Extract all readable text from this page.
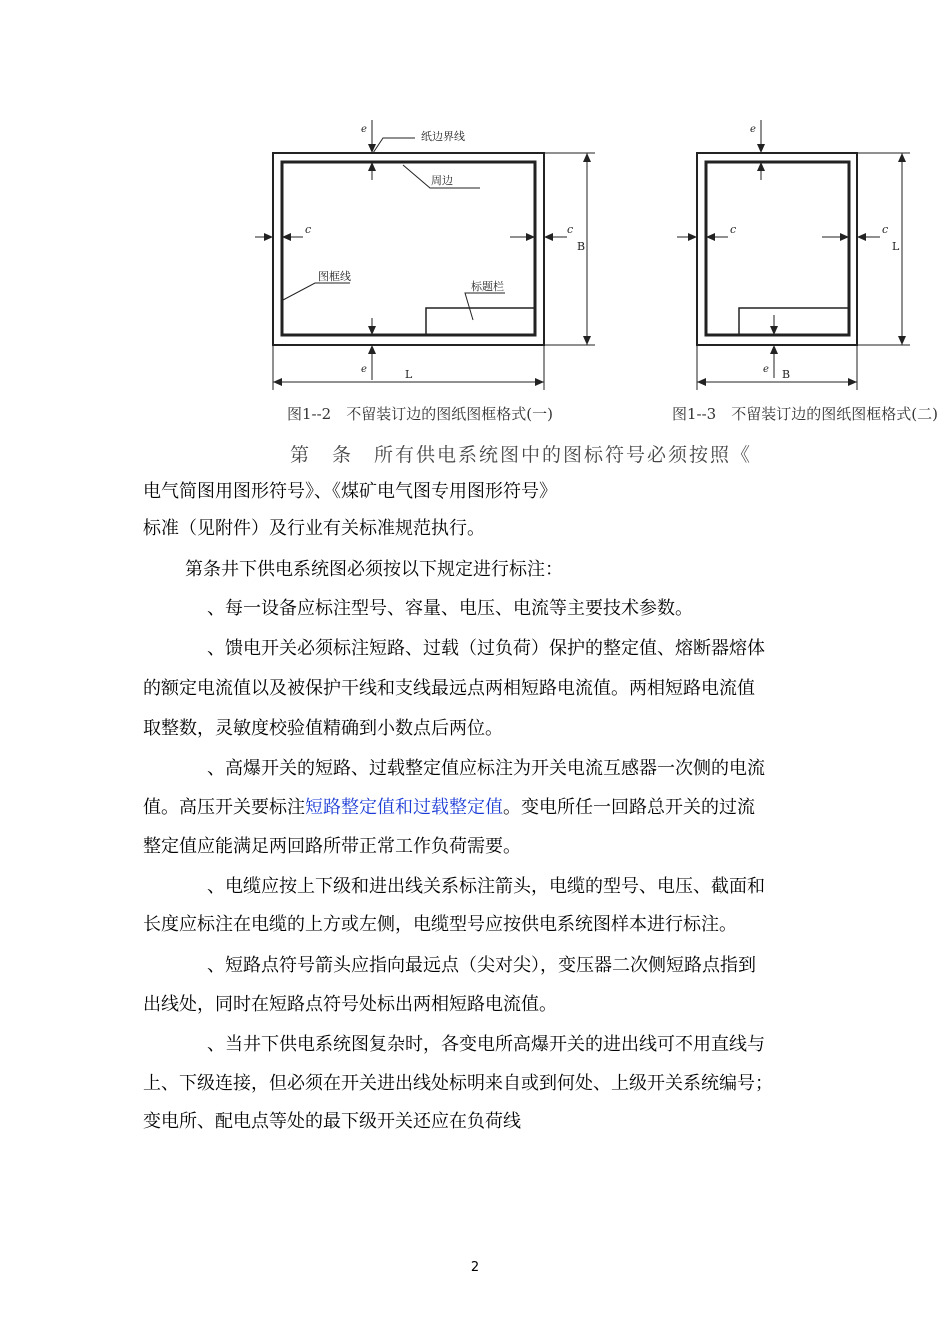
纸边界线
周边
图框线
标题栏
e
c	c
e	L
B
图1--2　不留装订边的图纸图框格式(一)
e
c	c
e B
L
图1--3　不留装订边的图纸图框格式(二)
第　条　所有供电系统图中的图标符号必须按照《
电气简图用图形符号》、《煤矿电气图专用图形符号》
标准（见附件）及行业有关标准规范执行。
第条井下供电系统图必须按以下规定进行标注：
、每一设备应标注型号、容量、电压、电流等主要技术参数。
、馈电开关必须标注短路、过载（过负荷）保护的整定值、熔断器熔体
的额定电流值以及被保护干线和支线最远点两相短路电流值。两相短路电流值
取整数，灵敏度校验值精确到小数点后两位。
、高爆开关的短路、过载整定值应标注为开关电流互感器一次侧的电流
值。高压开关要标注短路整定值和过载整定值。变电所任一回路总开关的过流
整定值应能满足两回路所带正常工作负荷需要。
、电缆应按上下级和进出线关系标注箭头，电缆的型号、电压、截面和
长度应标注在电缆的上方或左侧，电缆型号应按供电系统图样本进行标注。
、短路点符号箭头应指向最远点（尖对尖），变压器二次侧短路点指到
出线处，同时在短路点符号处标出两相短路电流值。
、当井下供电系统图复杂时，各变电所高爆开关的进出线可不用直线与
上、下级连接，但必须在开关进出线处标明来自或到何处、上级开关系统编号；
变电所、配电点等处的最下级开关还应在负荷线
2
